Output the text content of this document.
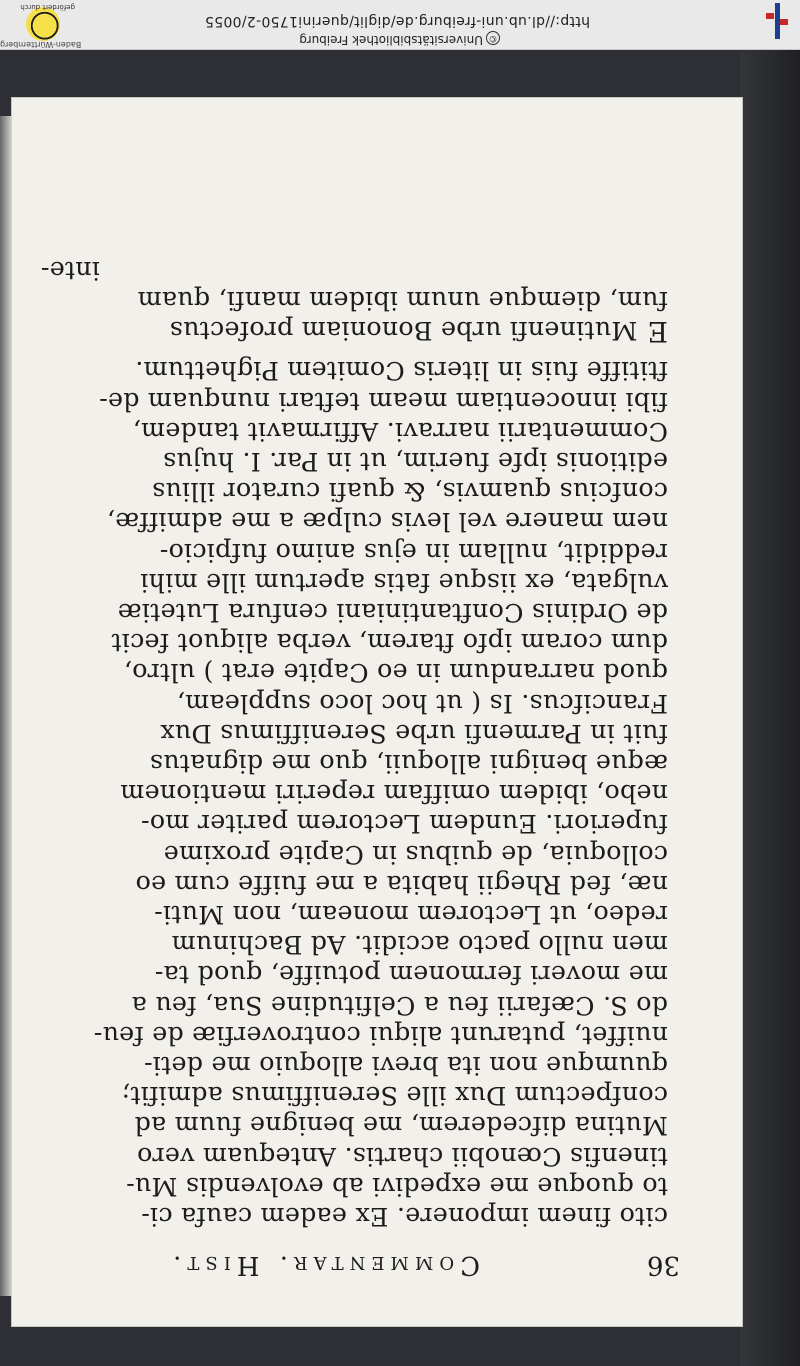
36
Commentar. Hist.
cito finem imponere. Ex eadem caufa ci-
to quoque me expedivi ab evolvendis Mu-
tinenfis Cœnobii chartis. Antequam vero
Mutina difcederem, me benigne fuum ad
confpectum Dux ille Sereniffimus admifit;
quumque non ita brevi alloquio me deti-
nuiffet, putarunt aliqui controverfiæ de feu-
do S. Cæfarii feu a Celfitudine Sua, feu a
me moveri fermonem potuiffe, quod ta-
men nullo pacto accidit. Ad Bachinum
redeo, ut Lectorem moneam, non Muti-
næ, fed Rhegii habita a me fuiffe cum eo
colloquia, de quibus in Capite proxime
fuperiori. Eundem Lectorem pariter mo-
nebo, ibidem omiffam reperiri mentionem
æque benigni alloquii, quo me dignatus
fuit in Parmenfi urbe Sereniffimus Dux
Francifcus. Is ( ut hoc loco suppleam,
quod narrandum in eo Capite erat ) ultro,
dum coram ipfo ftarem, verba aliquot fecit
de Ordinis Conftantiniani cenfura Lutetiæ
vulgata, ex iisque fatis apertum ille mihi
reddidit, nullam in ejus animo fufpicio-
nem manere vel levis culpæ a me admiffæ,
confcius quamvis, & quafi curator illius
editionis ipfe fuerim, ut in Par. I. hujus
Commentarii narravi. Affirmavit tandem,
fibi innocentiam meam teftari nunquam de-
ftitiffe fuis in literis Comitem Pighettum.
EMutinenfi urbe Bononiam profectus
fum, diemque unum ibidem manfi, quam
inte-
http://dl.ub.uni-freiburg.de/diglit/querini1750-2/0055
©Universitätsbibliothek Freiburg
gefördert durch
Baden-Württemberg
